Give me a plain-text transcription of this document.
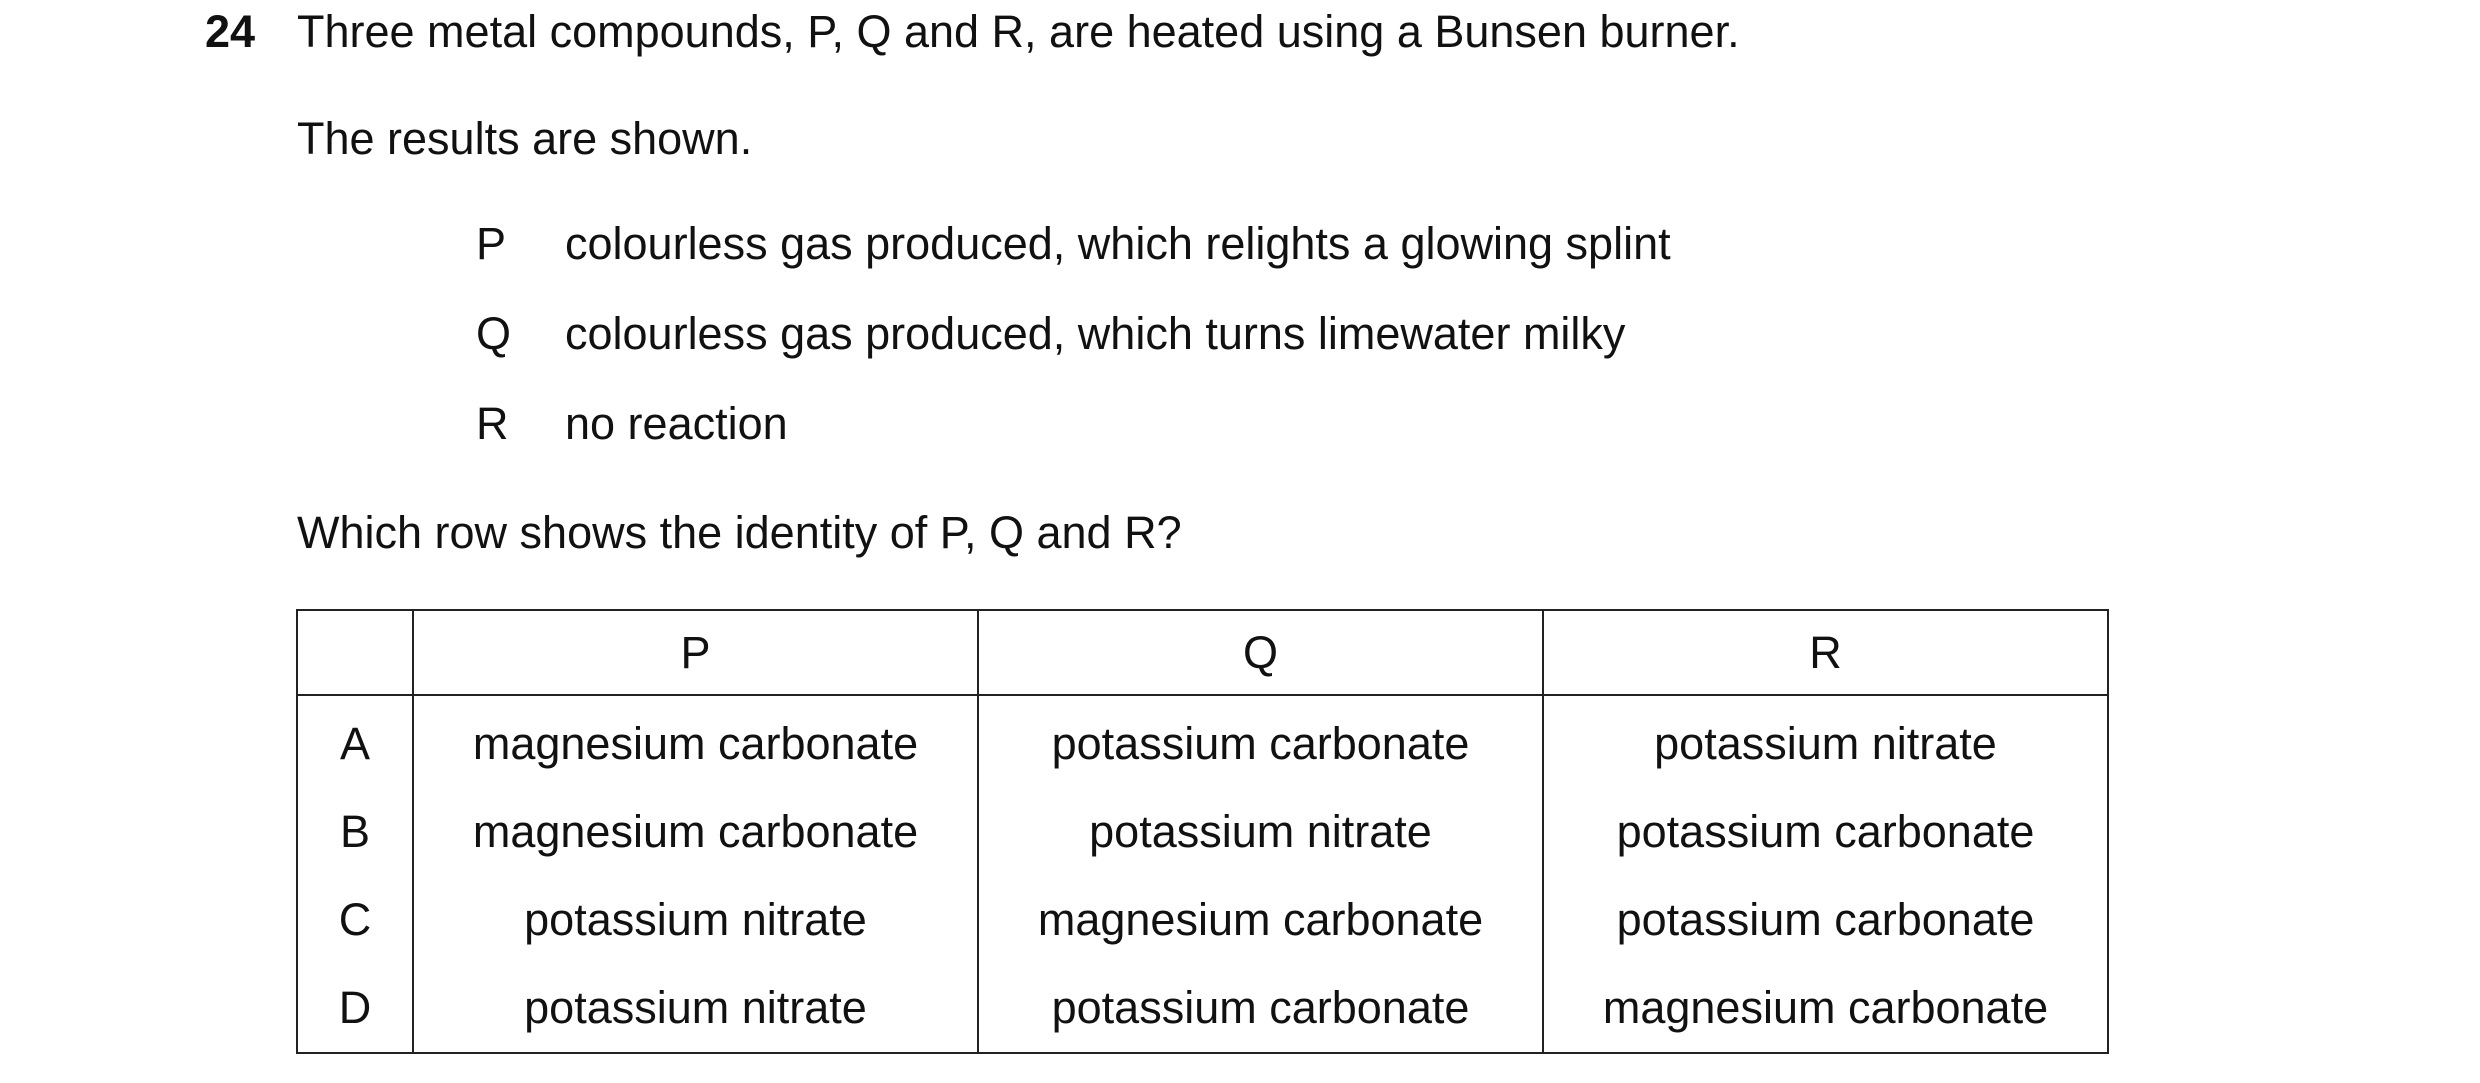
24 Three metal compounds, P, Q and R, are heated using a Bunsen burner.
The results are shown.
P colourless gas produced, which relights a glowing splint
Q colourless gas produced, which turns limewater milky
R no reaction
Which row shows the identity of P, Q and R?
	P	Q	R
A	magnesium carbonate	potassium carbonate	potassium nitrate
B	magnesium carbonate	potassium nitrate	potassium carbonate
C	potassium nitrate	magnesium carbonate	potassium carbonate
D	potassium nitrate	potassium carbonate	magnesium carbonate
